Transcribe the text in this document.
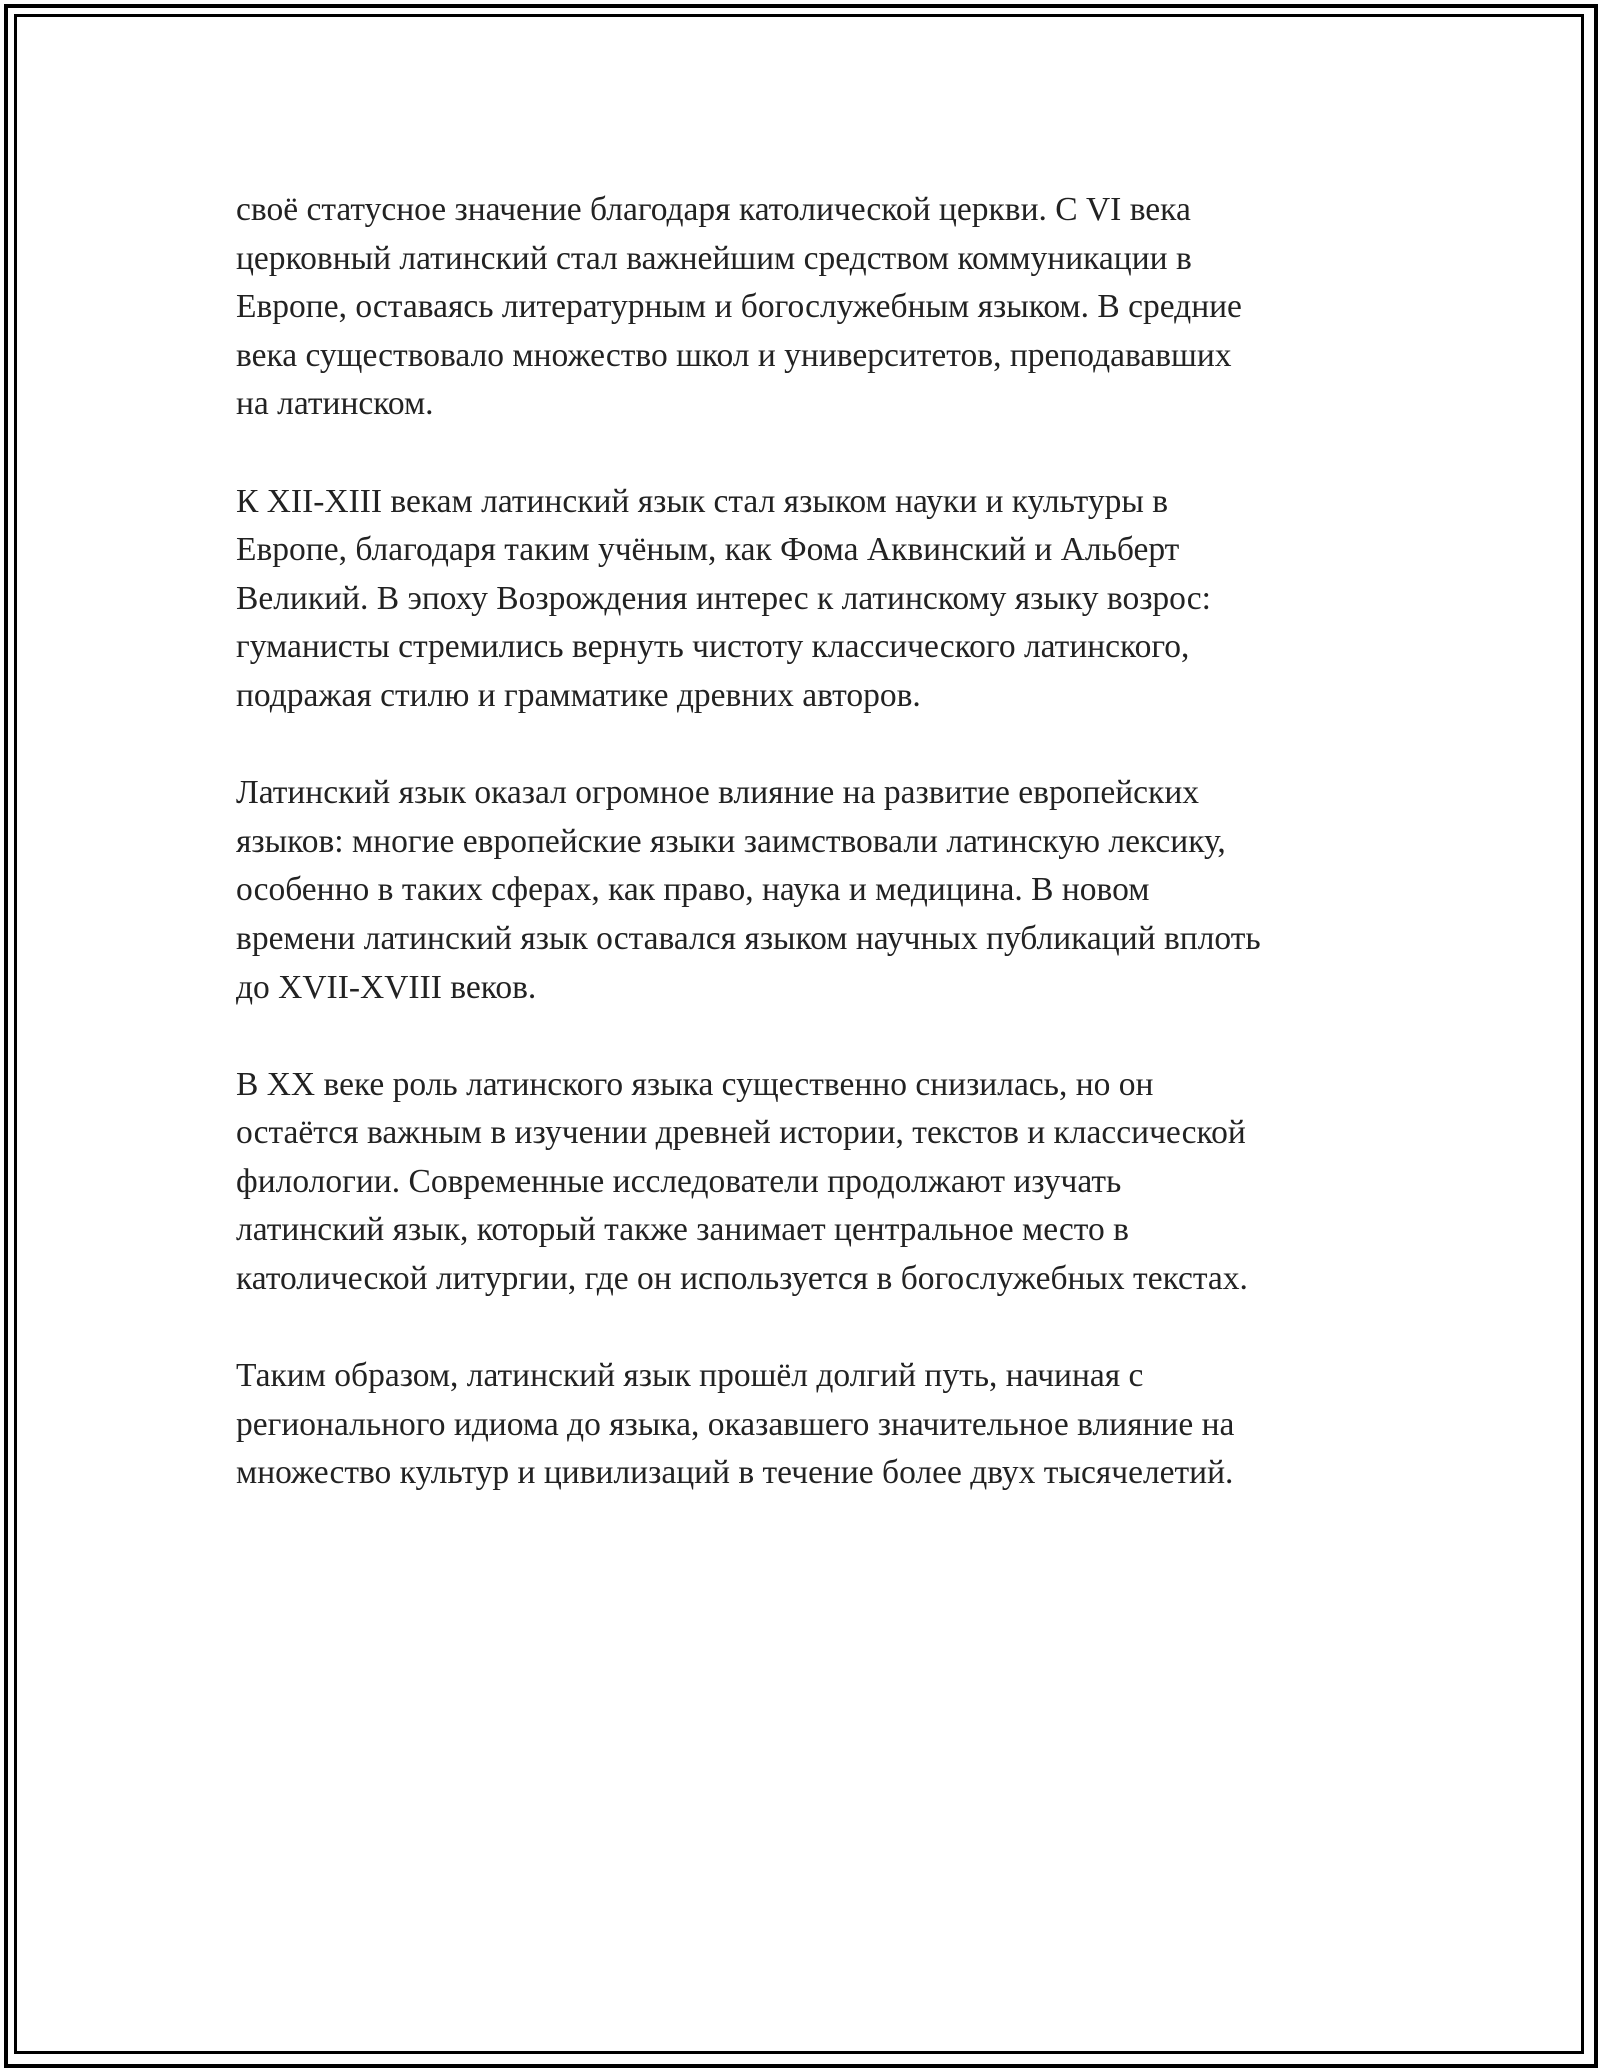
своё статусное значение благодаря католической церкви. С VI века
церковный латинский стал важнейшим средством коммуникации в
Европе, оставаясь литературным и богослужебным языком. В средние
века существовало множество школ и университетов, преподававших
на латинском.

К XII-XIII векам латинский язык стал языком науки и культуры в
Европе, благодаря таким учёным, как Фома Аквинский и Альберт
Великий. В эпоху Возрождения интерес к латинскому языку возрос:
гуманисты стремились вернуть чистоту классического латинского,
подражая стилю и грамматике древних авторов.

Латинский язык оказал огромное влияние на развитие европейских
языков: многие европейские языки заимствовали латинскую лексику,
особенно в таких сферах, как право, наука и медицина. В новом
времени латинский язык оставался языком научных публикаций вплоть
до XVII-XVIII веков.

В XX веке роль латинского языка существенно снизилась, но он
остаётся важным в изучении древней истории, текстов и классической
филологии. Современные исследователи продолжают изучать
латинский язык, который также занимает центральное место в
католической литургии, где он используется в богослужебных текстах.

Таким образом, латинский язык прошёл долгий путь, начиная с
регионального идиома до языка, оказавшего значительное влияние на
множество культур и цивилизаций в течение более двух тысячелетий.
